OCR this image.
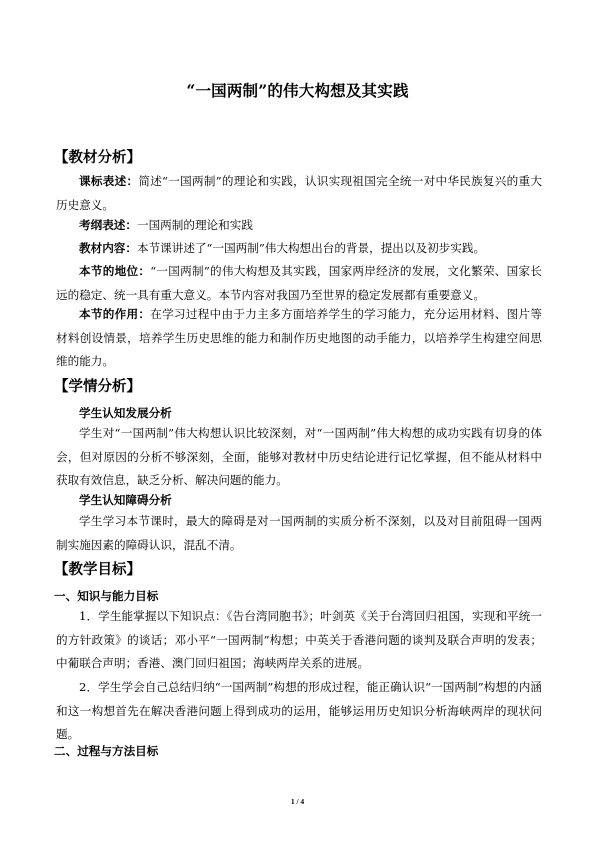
“一国两制”的伟大构想及其实践
【教材分析】
课标表述：简述“一国两制”的理论和实践，认识实现祖国完全统一对中华民族复兴的重大历史意义。
考纲表述：一国两制的理论和实践
教材内容：本节课讲述了“一国两制”伟大构想出台的背景，提出以及初步实践。
本节的地位：“一国两制”的伟大构想及其实践，国家两岸经济的发展，文化繁荣、国家长远的稳定、统一具有重大意义。本节内容对我国乃至世界的稳定发展都有重要意义。
本节的作用：在学习过程中由于力主多方面培养学生的学习能力，充分运用材料、图片等材料创设情景，培养学生历史思维的能力和制作历史地图的动手能力，以培养学生构建空间思维的能力。
【学情分析】
学生认知发展分析
学生对“一国两制”伟大构想认识比较深刻，对“一国两制”伟大构想的成功实践有切身的体会，但对原因的分析不够深刻，全面，能够对教材中历史结论进行记忆掌握，但不能从材料中获取有效信息，缺乏分析、解决问题的能力。
学生认知障碍分析
学生学习本节课时，最大的障碍是对一国两制的实质分析不深刻，以及对目前阻碍一国两制实施因素的障碍认识，混乱不清。
【教学目标】
一、知识与能力目标
1．学生能掌握以下知识点：《告台湾同胞书》；叶剑英《关于台湾回归祖国，实现和平统一的方针政策》的谈话；邓小平“一国两制”构想；中英关于香港问题的谈判及联合声明的发表；中葡联合声明；香港、澳门回归祖国；海峡两岸关系的进展。
2．学生学会自己总结归纳“一国两制”构想的形成过程，能正确认识“一国两制”构想的内涵和这一构想首先在解决香港问题上得到成功的运用，能够运用历史知识分析海峡两岸的现状问题。
二、过程与方法目标
1 / 4
